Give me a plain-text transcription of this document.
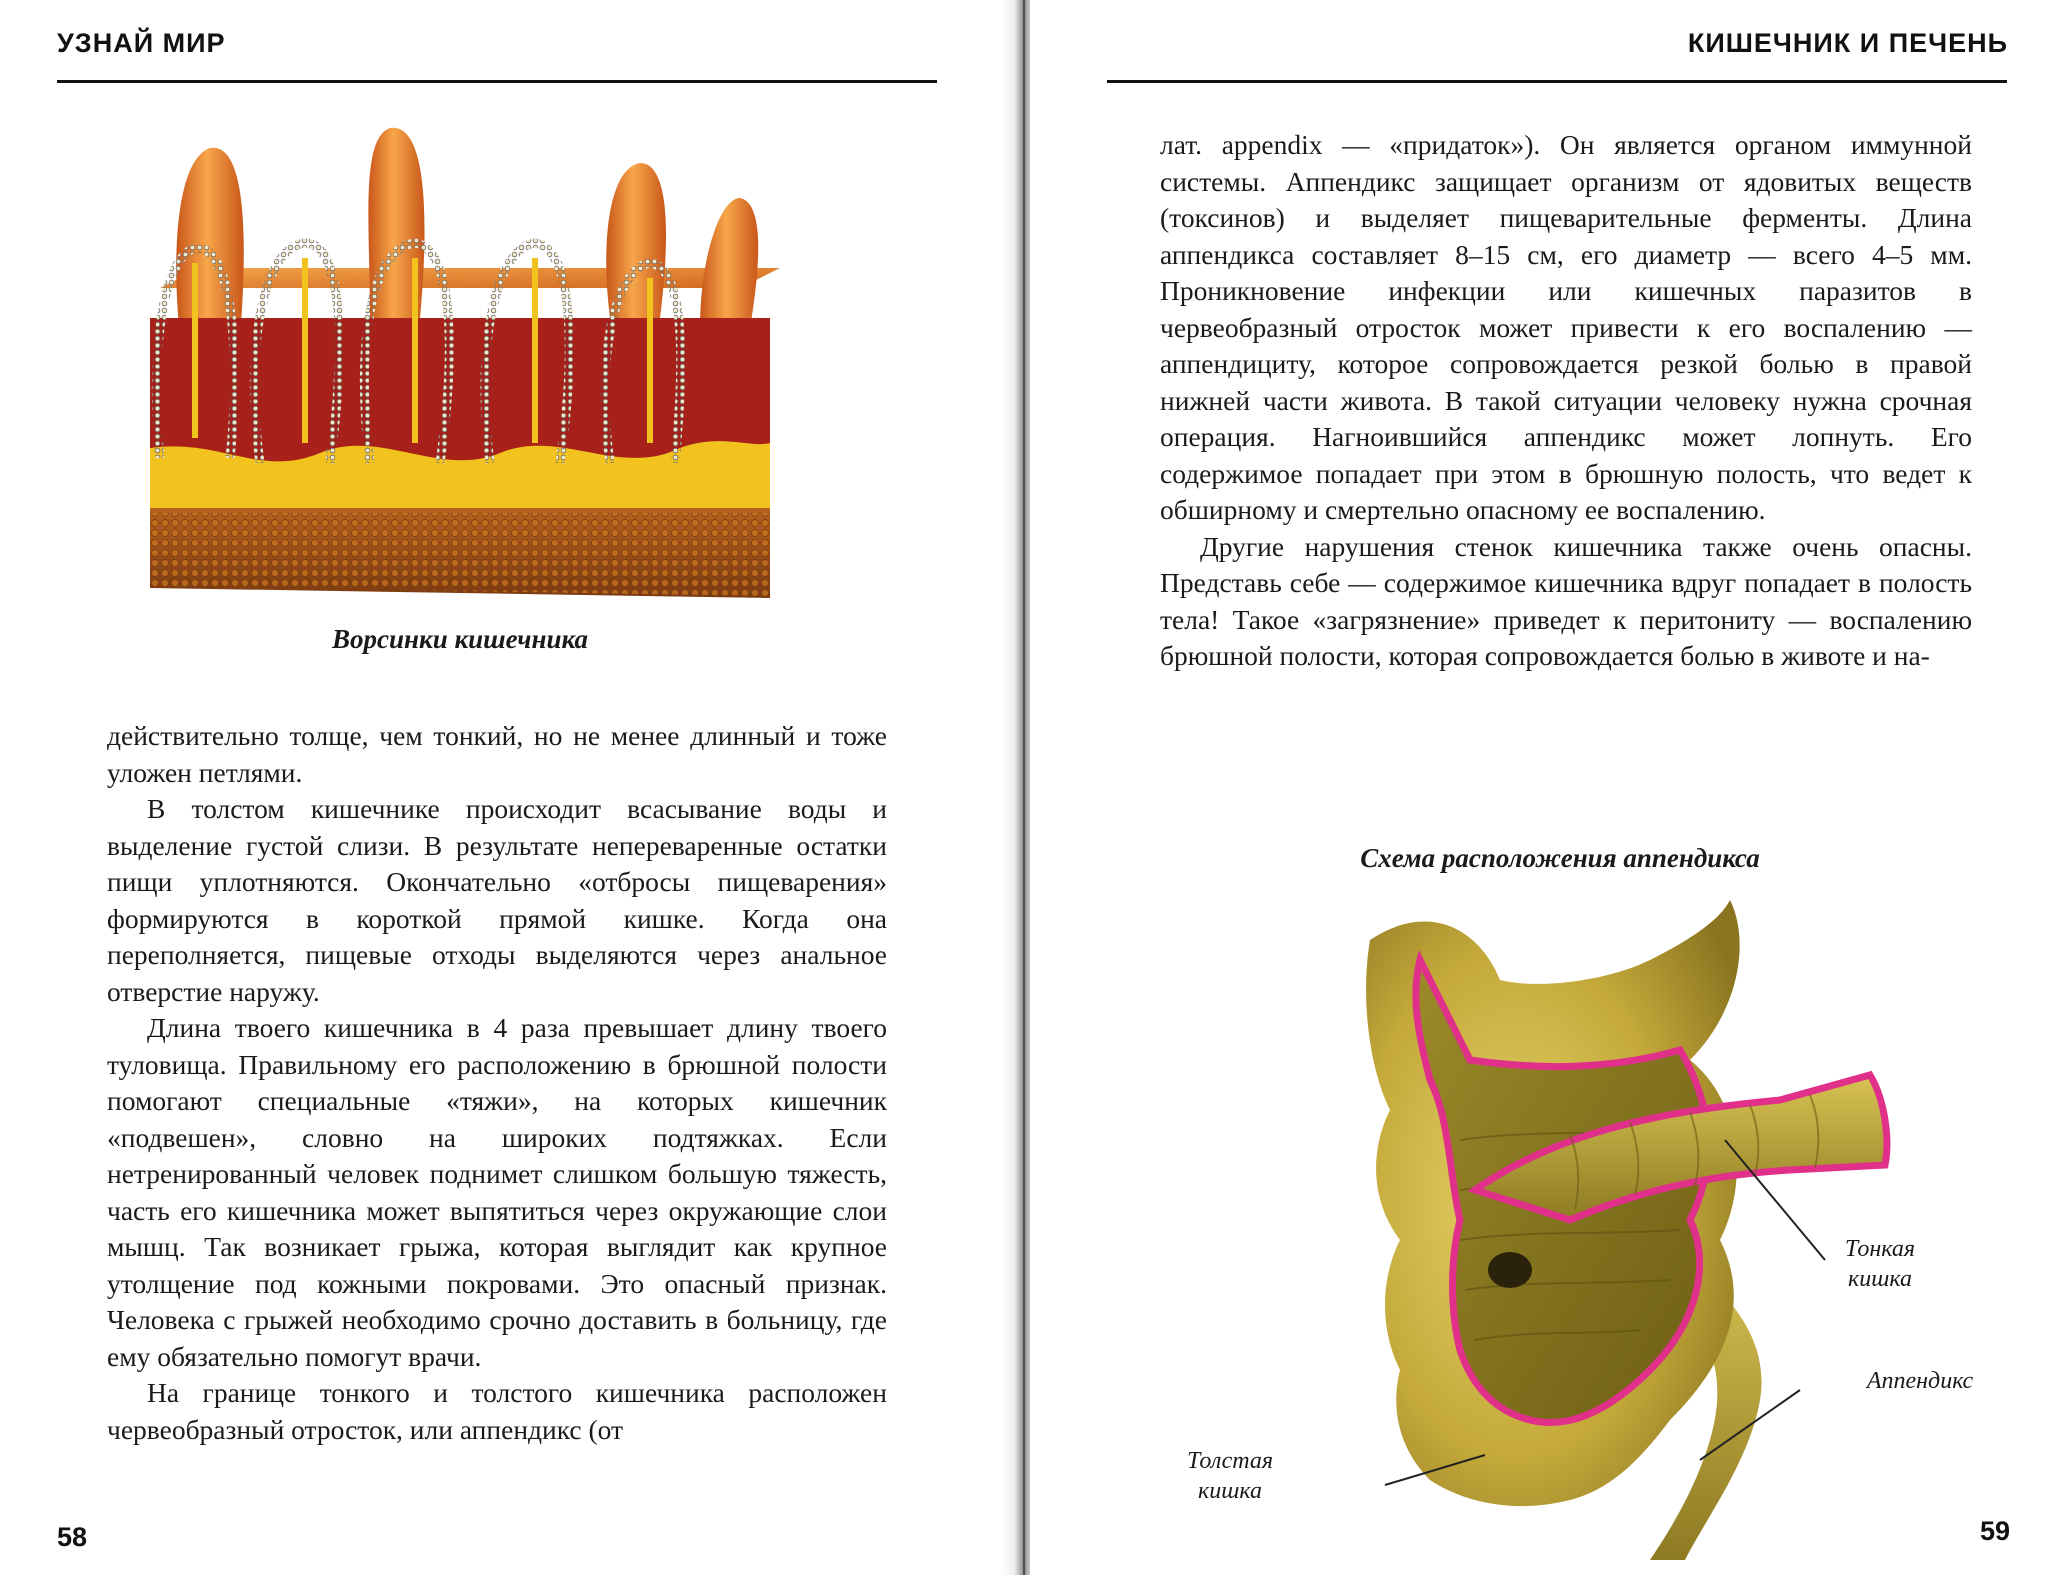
УЗНАЙ МИР
Ворсинки кишечника

действительно толще, чем тонкий, но не менее длинный и тоже уложен петлями.

В толстом кишечнике происходит всасывание воды и выделение густой слизи. В результате непереваренные остатки пищи уплотняются. Окончательно «отбросы пищеварения» формируются в короткой прямой кишке. Когда она переполняется, пищевые отходы выделяются через анальное отверстие наружу.

Длина твоего кишечника в 4 раза превышает длину твоего туловища. Правильному его расположению в брюшной полости помогают специальные «тяжи», на которых кишечник «подвешен», словно на широких подтяжках. Если нетренированный человек поднимет слишком большую тяжесть, часть его кишечника может выпятиться через окружающие слои мышц. Так возникает грыжа, которая выглядит как крупное утолщение под кожными покровами. Это опасный признак. Человека с грыжей необходимо срочно доставить в больницу, где ему обязательно помогут врачи.

На границе тонкого и толстого кишечника расположен червеобразный отросток, или аппендикс (от

58
КИШЕЧНИК И ПЕЧЕНЬ

лат. appendix — «придаток»). Он является органом иммунной системы. Аппендикс защищает организм от ядовитых веществ (токсинов) и выделяет пищеварительные ферменты. Длина аппендикса составляет 8–15 см, его диаметр — всего 4–5 мм. Проникновение инфекции или кишечных паразитов в червеобразный отросток может привести к его воспалению — аппендициту, которое сопровождается резкой болью в правой нижней части живота. В такой ситуации человеку нужна срочная операция. Нагноившийся аппендикс может лопнуть. Его содержимое попадает при этом в брюшную полость, что ведет к обширному и смертельно опасному ее воспалению.

Другие нарушения стенок кишечника также очень опасны. Представь себе — содержимое кишечника вдруг попадает в полость тела! Такое «загрязнение» приведет к перитониту — воспалению брюшной полости, которая сопровождается болью в животе и на-

Схема расположения аппендикса
Тонкая кишка
Аппендикс
Толстая кишка
59
